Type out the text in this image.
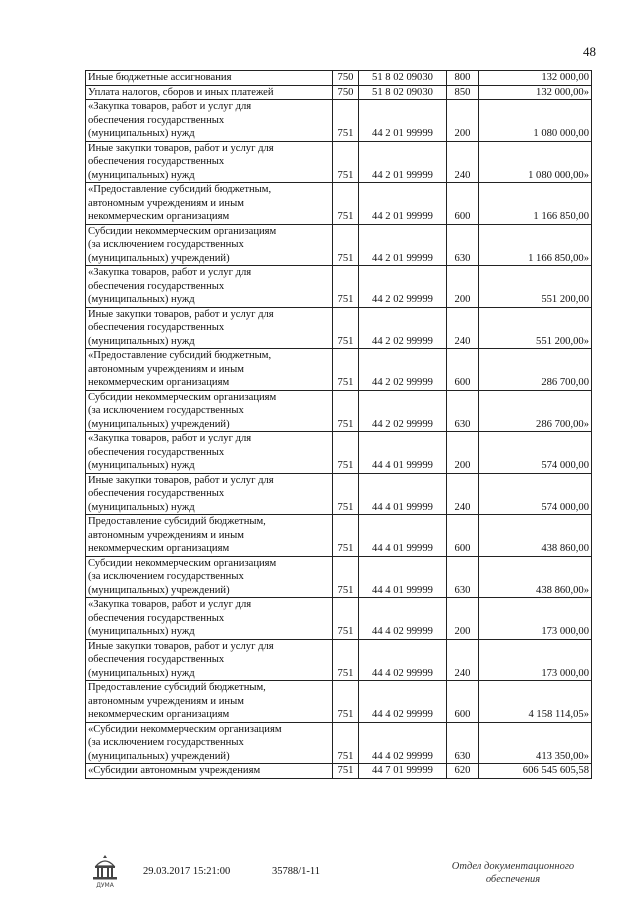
48
Иные бюджетные ассигнования	750	51 8 02 09030	800	132 000,00
Уплата налогов, сборов и иных платежей	750	51 8 02 09030	850	132 000,00»
«Закупка товаров, работ и услуг для
обеспечения государственных
(муниципальных) нужд	751	44 2 01 99999	200	1 080 000,00
Иные закупки товаров, работ и услуг для
обеспечения государственных
(муниципальных) нужд	751	44 2 01 99999	240	1 080 000,00»
«Предоставление субсидий бюджетным,
автономным учреждениям и иным
некоммерческим организациям	751	44 2 01 99999	600	1 166 850,00
Субсидии некоммерческим организациям
(за исключением государственных
(муниципальных) учреждений)	751	44 2 01 99999	630	1 166 850,00»
«Закупка товаров, работ и услуг для
обеспечения государственных
(муниципальных) нужд	751	44 2 02 99999	200	551 200,00
Иные закупки товаров, работ и услуг для
обеспечения государственных
(муниципальных) нужд	751	44 2 02 99999	240	551 200,00»
«Предоставление субсидий бюджетным,
автономным учреждениям и иным
некоммерческим организациям	751	44 2 02 99999	600	286 700,00
Субсидии некоммерческим организациям
(за исключением государственных
(муниципальных) учреждений)	751	44 2 02 99999	630	286 700,00»
«Закупка товаров, работ и услуг для
обеспечения государственных
(муниципальных) нужд	751	44 4 01 99999	200	574 000,00
Иные закупки товаров, работ и услуг для
обеспечения государственных
(муниципальных) нужд	751	44 4 01 99999	240	574 000,00
Предоставление субсидий бюджетным,
автономным учреждениям и иным
некоммерческим организациям	751	44 4 01 99999	600	438 860,00
Субсидии некоммерческим организациям
(за исключением государственных
(муниципальных) учреждений)	751	44 4 01 99999	630	438 860,00»
«Закупка товаров, работ и услуг для
обеспечения государственных
(муниципальных) нужд	751	44 4 02 99999	200	173 000,00
Иные закупки товаров, работ и услуг для
обеспечения государственных
(муниципальных) нужд	751	44 4 02 99999	240	173 000,00
Предоставление субсидий бюджетным,
автономным учреждениям и иным
некоммерческим организациям	751	44 4 02 99999	600	4 158 114,05»
«Субсидии некоммерческим организациям
(за исключением государственных
(муниципальных) учреждений)	751	44 4 02 99999	630	413 350,00»
«Субсидии автономным учреждениям	751	44 7 01 99999	620	606 545 605,58
ДУМА
29.03.2017 15:21:00	35788/1-11	Отдел документационного
обеспечения
